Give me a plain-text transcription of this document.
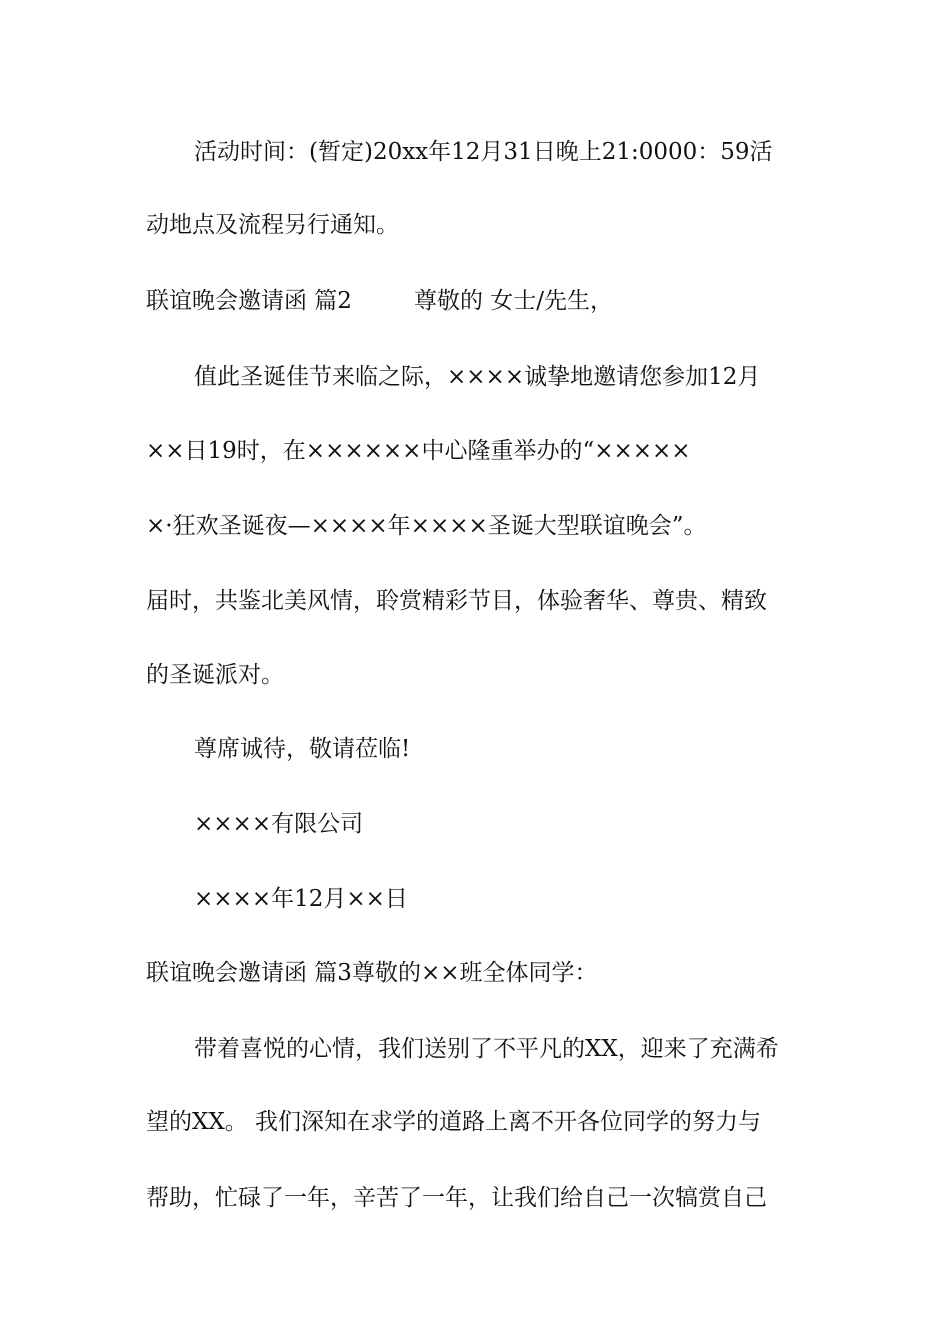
活动时间：(暂定)20xx年12月31日晚上21:0000：59活

动地点及流程另行通知。

联谊晚会邀请函 篇2	尊敬的 女士/先生，

值此圣诞佳节来临之际，××××诚挚地邀请您参加12月

××日19时，在××××××中心隆重举办的“×××××

×·狂欢圣诞夜—××××年××××圣诞大型联谊晚会”。

届时，共鉴北美风情，聆赏精彩节目，体验奢华、尊贵、精致

的圣诞派对。

尊席诚待，敬请莅临!

××××有限公司

××××年12月××日

联谊晚会邀请函 篇3尊敬的××班全体同学：

带着喜悦的心情，我们送别了不平凡的XX，迎来了充满希

望的XX。 我们深知在求学的道路上离不开各位同学的努力与

帮助，忙碌了一年，辛苦了一年，让我们给自己一次犒赏自己
